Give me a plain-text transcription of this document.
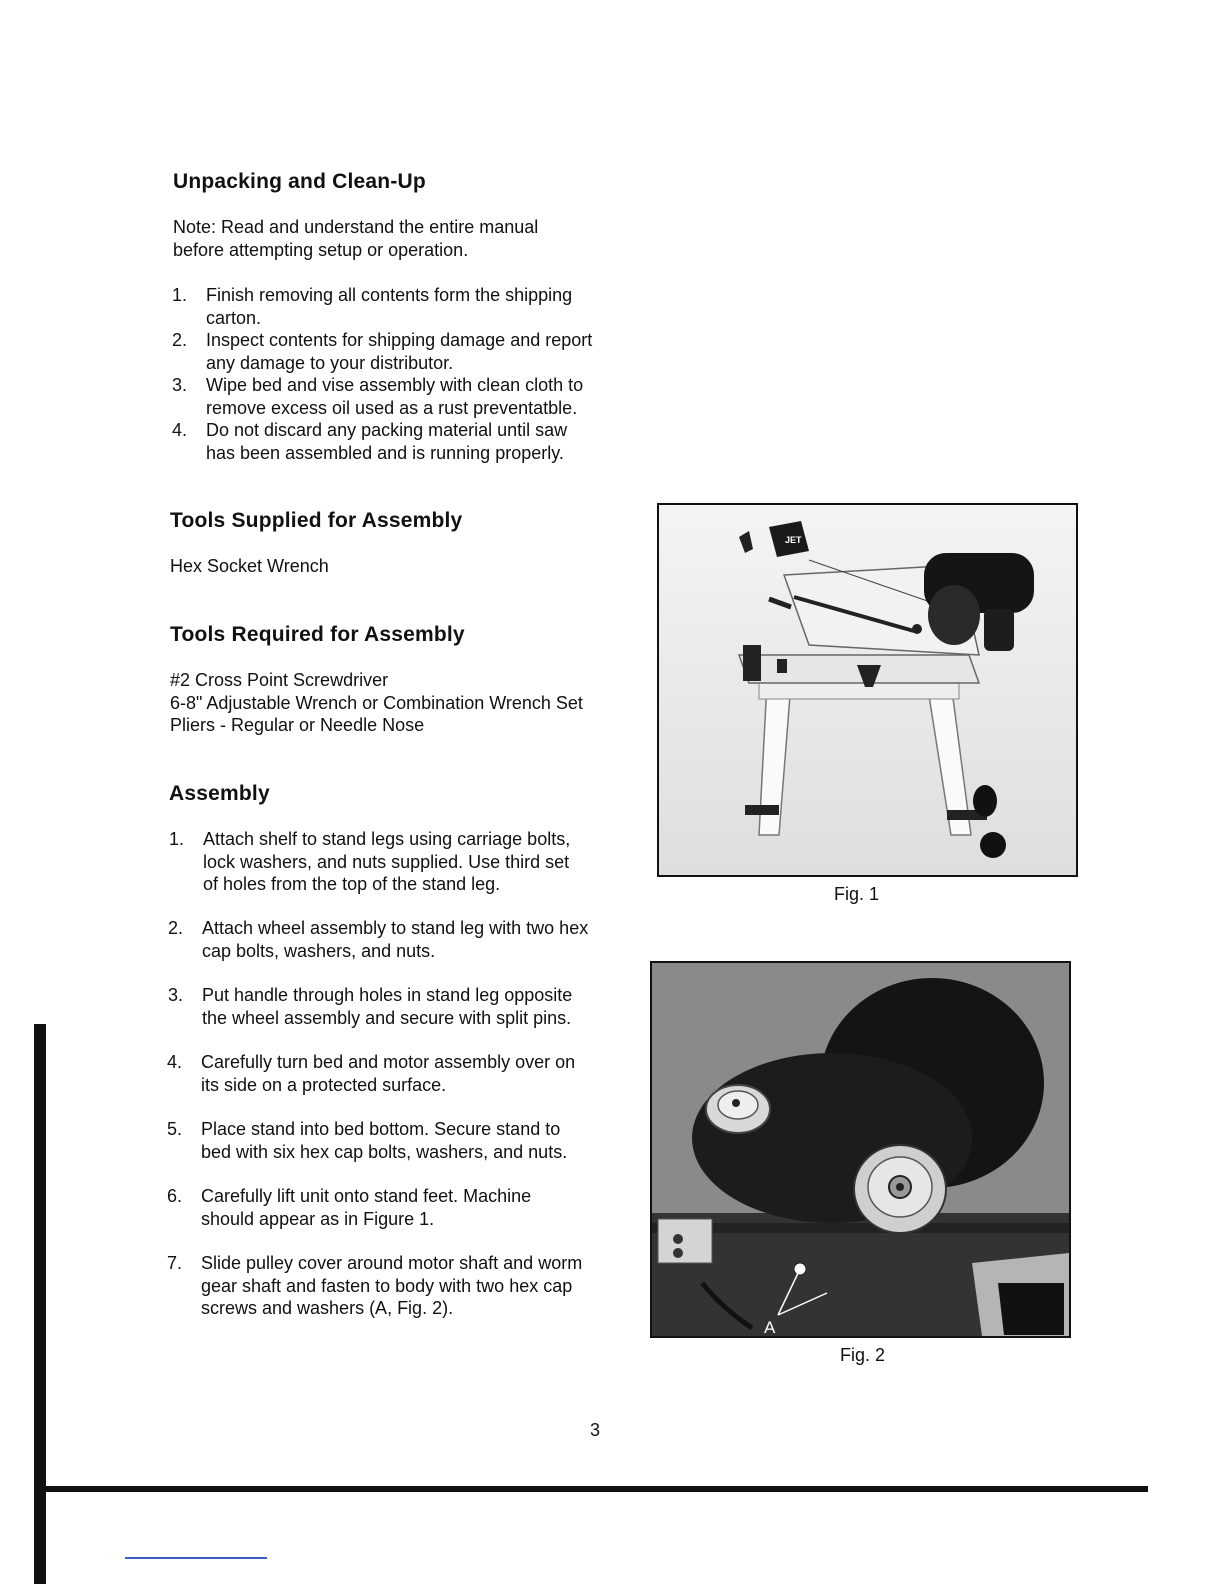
Unpacking and Clean-Up
Note: Read and understand the entire manual
before attempting setup or operation.
1. Finish removing all contents form the shipping
carton.
2. Inspect contents for shipping damage and report
any damage to your distributor.
3. Wipe bed and vise assembly with clean cloth to
remove excess oil used as a rust preventatble.
4. Do not discard any packing material until saw
has been assembled and is running properly.
Tools Supplied for Assembly
Hex Socket Wrench
Tools Required for Assembly
#2 Cross Point Screwdriver
6-8" Adjustable Wrench or Combination Wrench Set
Pliers - Regular or Needle Nose
Assembly
1. Attach shelf to stand legs using carriage bolts,
lock washers, and nuts supplied. Use third set
of holes from the top of the stand leg.
2. Attach wheel assembly to stand leg with two hex
cap bolts, washers, and nuts.
3. Put handle through holes in stand leg opposite
the wheel assembly and secure with split pins.
4. Carefully turn bed and motor assembly over on
its side on a protected surface.
5. Place stand into bed bottom. Secure stand to
bed with six hex cap bolts, washers, and nuts.
6. Carefully lift unit onto stand feet. Machine
should appear as in Figure 1.
7. Slide pulley cover around motor shaft and worm
gear shaft and fasten to body with two hex cap
screws and washers (A, Fig. 2).
JET
Fig. 1
A
Fig. 2
3
